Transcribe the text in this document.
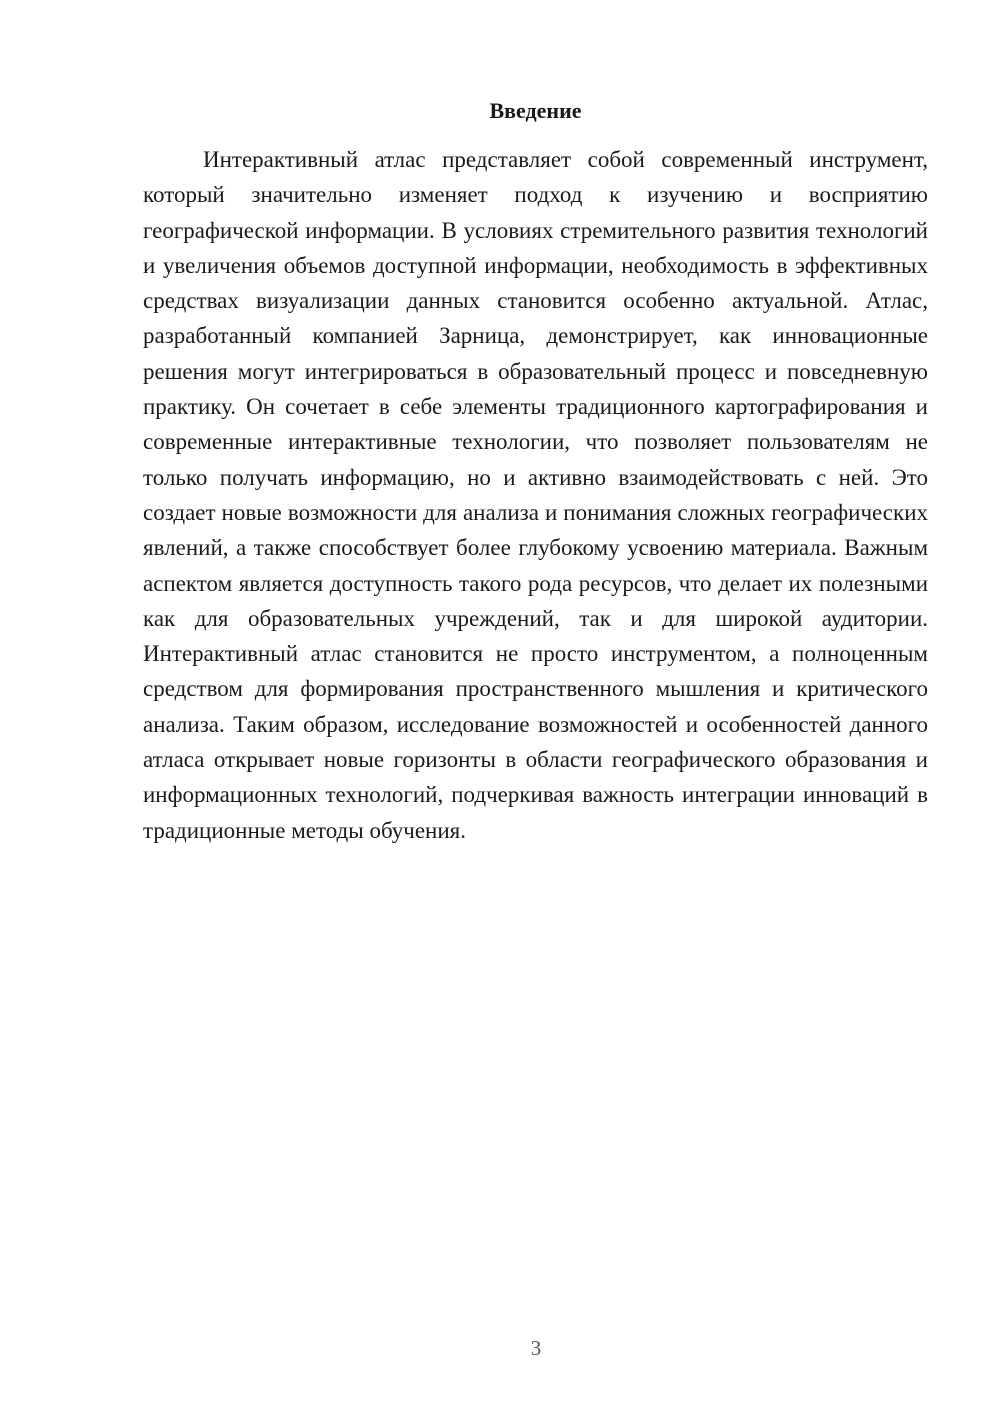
Введение

Интерактивный атлас представляет собой современный инструмент, который значительно изменяет подход к изучению и восприятию географической информации. В условиях стремительного развития технологий и увеличения объемов доступной информации, необходимость в эффективных средствах визуализации данных становится особенно актуальной. Атлас, разработанный компанией Зарница, демонстрирует, как инновационные решения могут интегрироваться в образовательный процесс и повседневную практику. Он сочетает в себе элементы традиционного картографирования и современные интерактивные технологии, что позволяет пользователям не только получать информацию, но и активно взаимодействовать с ней. Это создает новые возможности для анализа и понимания сложных географических явлений, а также способствует более глубокому усвоению материала. Важным аспектом является доступность такого рода ресурсов, что делает их полезными как для образовательных учреждений, так и для широкой аудитории. Интерактивный атлас становится не просто инструментом, а полноценным средством для формирования пространственного мышления и критического анализа. Таким образом, исследование возможностей и особенностей данного атласа открывает новые горизонты в области географического образования и информационных технологий, подчеркивая важность интеграции инноваций в традиционные методы обучения.

3
